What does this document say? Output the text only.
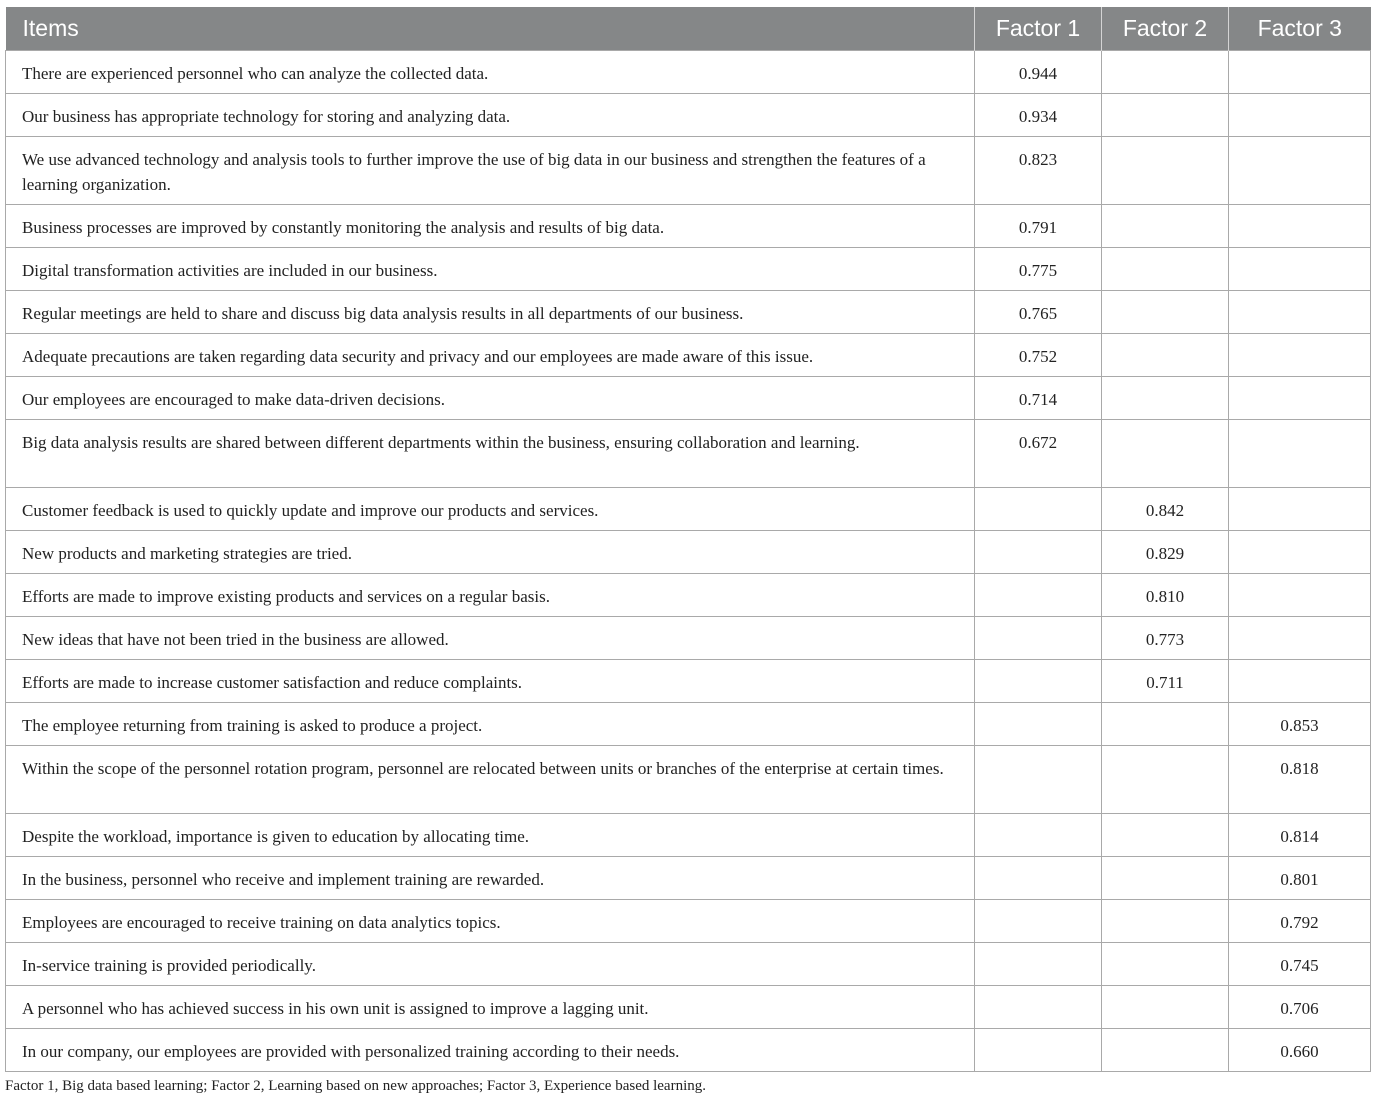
Items	Factor 1	Factor 2	Factor 3
There are experienced personnel who can analyze the collected data.	0.944		
Our business has appropriate technology for storing and analyzing data.	0.934		
We use advanced technology and analysis tools to further improve the use of big data in our business and strengthen the features of a learning organization.	0.823		
Business processes are improved by constantly monitoring the analysis and results of big data.	0.791		
Digital transformation activities are included in our business.	0.775		
Regular meetings are held to share and discuss big data analysis results in all departments of our business.	0.765		
Adequate precautions are taken regarding data security and privacy and our employees are made aware of this issue.	0.752		
Our employees are encouraged to make data-driven decisions.	0.714		
Big data analysis results are shared between different departments within the business, ensuring collaboration and learning.	0.672		
Customer feedback is used to quickly update and improve our products and services.		0.842	
New products and marketing strategies are tried.		0.829	
Efforts are made to improve existing products and services on a regular basis.		0.810	
New ideas that have not been tried in the business are allowed.		0.773	
Efforts are made to increase customer satisfaction and reduce complaints.		0.711	
The employee returning from training is asked to produce a project.			0.853
Within the scope of the personnel rotation program, personnel are relocated between units or branches of the enterprise at certain times.			0.818
Despite the workload, importance is given to education by allocating time.			0.814
In the business, personnel who receive and implement training are rewarded.			0.801
Employees are encouraged to receive training on data analytics topics.			0.792
In-service training is provided periodically.			0.745
A personnel who has achieved success in his own unit is assigned to improve a lagging unit.			0.706
In our company, our employees are provided with personalized training according to their needs.			0.660
Factor 1, Big data based learning; Factor 2, Learning based on new approaches; Factor 3, Experience based learning.
